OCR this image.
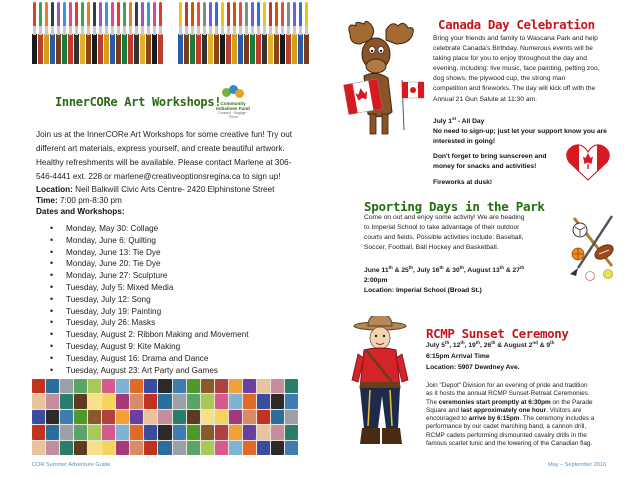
InnerCORe Art Workshops! Community Initiatives Fund
Connect · Engage · Thrive
Join us at the InnerCORe Art Workshops for some creative fun! Try out
different art materials, express yourself, and create beautiful artwork.
Healthy refreshments will be available. Please contact Marlene at 306-
546-4441 ext. 228 or marlene@creativeoptionsregina.ca to sign up!
Location: Neil Balkwill Civic Arts Centre- 2420 Elphinstone Street
Time: 7:00 pm-8:30 pm
Dates and Workshops:
• Monday, May 30: Collage
• Monday, June 6: Quilting
• Monday, June 13: Tie Dye
• Monday, June 20: Tie Dye
• Monday, June 27: Sculpture
• Tuesday, July 5: Mixed Media
• Tuesday, July 12: Song
• Tuesday, July 19: Painting
• Tuesday, July 26: Masks
• Tuesday, August 2: Ribbon Making and Movement
• Tuesday, August 9: Kite Making
• Tuesday, August 16: Drama and Dance
• Tuesday, August 23: Art Party and Games
COR Summer Adventure Guide
Canada Day Celebration
Bring your friends and family to Wascana Park and help
celebrate Canada's Birthday. Numerous events will be
taking place for you to enjoy throughout the day and
evening, including: live music, face painting, petting zoo,
dog shows, the plywood cup, the strong man
competition and fireworks. The day will kick off with the
Annual 21 Gun Salute at 11:30 am.
July 1st - All Day
No need to sign-up; just let your support know you are
interested in going!
Don't forget to bring sunscreen and
money for snacks and activities!
Fireworks at dusk!
Sporting Days in the Park
Come on out and enjoy some activity! We are heading
to Imperial School to take advantage of their outdoor
courts and fields. Possible activities include: Baseball,
Soccer, Football, Ball Hockey and Basketball.
June 11th & 25th, July 16th & 30th, August 13th & 27th
2:00pm
Location: Imperial School (Broad St.)
RCMP Sunset Ceremony
July 5th, 12th, 19th, 26th & August 2nd & 9th
6:15pm Arrival Time
Location: 5907 Dewdney Ave.
Join "Depot" Division for an evening of pride and tradition
as it hosts the annual RCMP Sunset-Retreat Ceremonies.
The ceremonies start promptly at 6:30pm on the Parade
Square and last approximately one hour. Visitors are
encouraged to arrive by 6:15pm. The ceremony includes a
performance by our cadet marching band, a cannon drill,
RCMP cadets performing dismounted cavalry drills in the
famous scarlet tunic and the lowering of the Canadian flag.
May – September 2016
